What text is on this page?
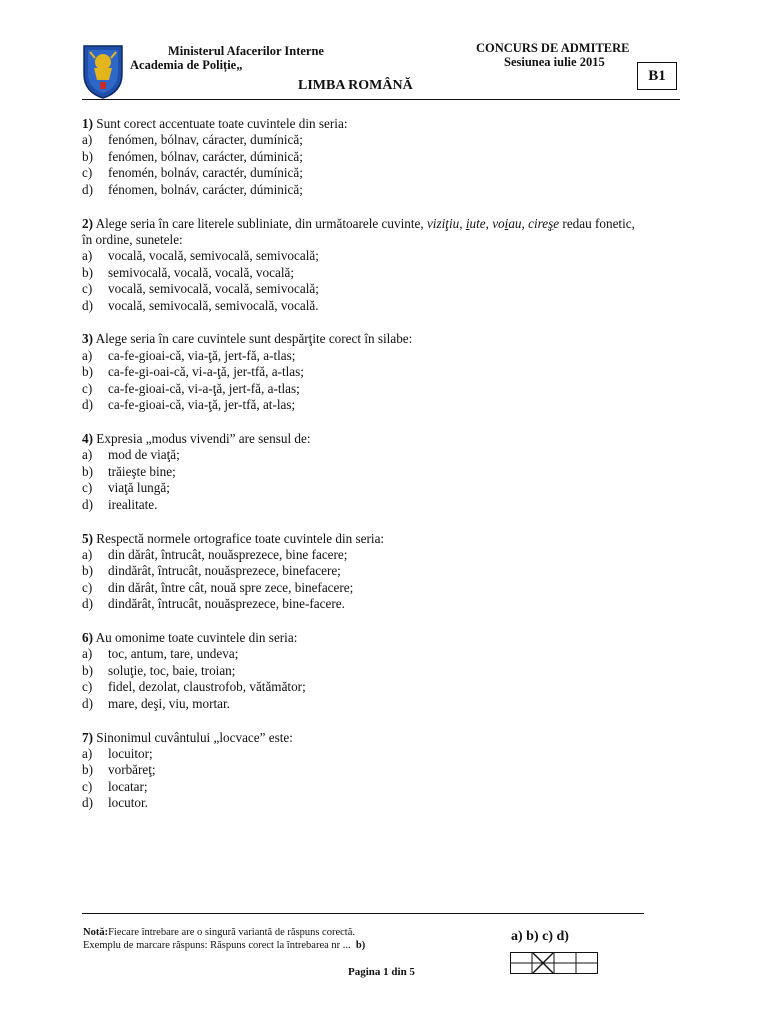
Ministerul Afacerilor Interne
Academia de Poliție„
LIMBA ROMÂNĂ
CONCURS DE ADMITERE
Sesiunea iulie 2015
B1
1) Sunt corect accentuate toate cuvintele din seria:
a)	fenómen, bólnav, cáracter, dumínică;
b)	fenómen, bólnav, carácter, dúminică;
c)	fenomén, bolnáv, caractér, dumínică;
d)	fénomen, bolnáv, carácter, dúminică;
2) Alege seria în care literele subliniate, din următoarele cuvinte, viziţiu, iute, voiau, cireşe redau fonetic,
în ordine, sunetele:
a)	vocală, vocală, semivocală, semivocală;
b)	semivocală, vocală, vocală, vocală;
c)	vocală, semivocală, vocală, semivocală;
d)	vocală, semivocală, semivocală, vocală.
3) Alege seria în care cuvintele sunt despărţite corect în silabe:
a)	ca-fe-gioai-că, via-ţă, jert-fă, a-tlas;
b)	ca-fe-gi-oai-că, vi-a-ţă, jer-tfă, a-tlas;
c)	ca-fe-gioai-că, vi-a-ţă, jert-fă, a-tlas;
d)	ca-fe-gioai-că, via-ţă, jer-tfă, at-las;
4) Expresia „modus vivendi” are sensul de:
a)	mod de viaţă;
b)	trăieşte bine;
c)	viaţă lungă;
d)	irealitate.
5) Respectă normele ortografice toate cuvintele din seria:
a)	din dărât, întrucât, nouăsprezece, bine facere;
b)	dindărât, întrucât, nouăsprezece, binefacere;
c)	din dărât, între cât, nouă spre zece, binefacere;
d)	dindărât, întrucât, nouăsprezece, bine-facere.
6) Au omonime toate cuvintele din seria:
a)	toc, antum, tare, undeva;
b)	soluţie, toc, baie, troian;
c)	fidel, dezolat, claustrofob, vătămător;
d)	mare, deşi, viu, mortar.
7) Sinonimul cuvântului „locvace” este:
a)	locuitor;
b)	vorbăreţ;
c)	locatar;
d)	locutor.
Notă:Fiecare întrebare are o singură variantă de răspuns corectă.
Exemplu de marcare răspuns: Răspuns corect la întrebarea nr ... b)
a) b) c) d)
Pagina 1 din 5
